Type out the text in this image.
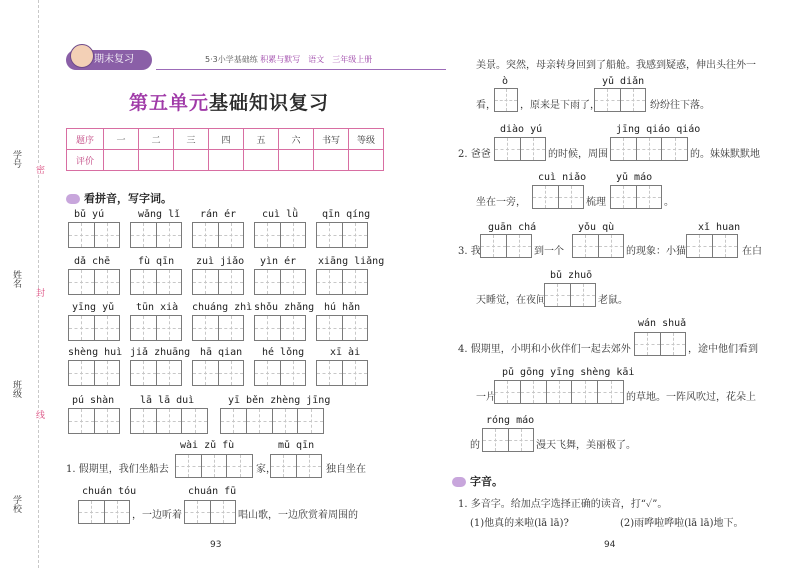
学号
姓名
班级
学校
密
封
线
期末复习	5·3小学基础练 积累与默写　语文　三年级上册
第五单元基础知识复习
题序	一	二	三	四	五	六	书写	等级
评价								
看拼音，写字词。
bǔ yú	wǎng lǐ rán ér	cuì lǜ qīn qíng
dǎ chē	fù qīn zuì jiǎo yìn ér xiāng liǎng
yīng yǔ tūn xià chuáng zhì shǒu zhǎng hú hǎn
shèng huì jiǎ zhuāng hā qian hé lǒng	xī ài
pú shàn	lā lā duì	yī běn zhèng jīng
wài zǔ fù	mǔ qīn
1. 假期里，我们坐船去	家，	独自坐在
chuán tóu	chuán fū
，一边听着	唱山歌，一边欣赏着周围的
93
美景。突然，母亲转身回到了船舱。我感到疑惑，伸出头往外一
ò	yǔ diǎn
看， ，原来是下雨了，	纷纷往下落。
diào yú	jīng qiáo qiáo
2. 爸爸	的时候，周围	的。妹妹默默地
cuì niǎo	yǔ máo
坐在一旁，	梳理	。
guān chá	yǒu qù	xǐ huan
3. 我	到一个	的现象：小猫	在白
bǔ zhuō
天睡觉，在夜间	老鼠。
wán shuǎ
4. 假期里，小明和小伙伴们一起去郊外	，途中他们看到
pǔ gōng yīng shèng kāi
一片	的草地。一阵风吹过，花朵上
róng máo
的	漫天飞舞，美丽极了。
字音。
1. 多音字。给加点字选择正确的读音，打“✓”。
(1)他真的来啦(lā lā)?	(2)雨哗啦哗啦(lā lā)地下。
94
